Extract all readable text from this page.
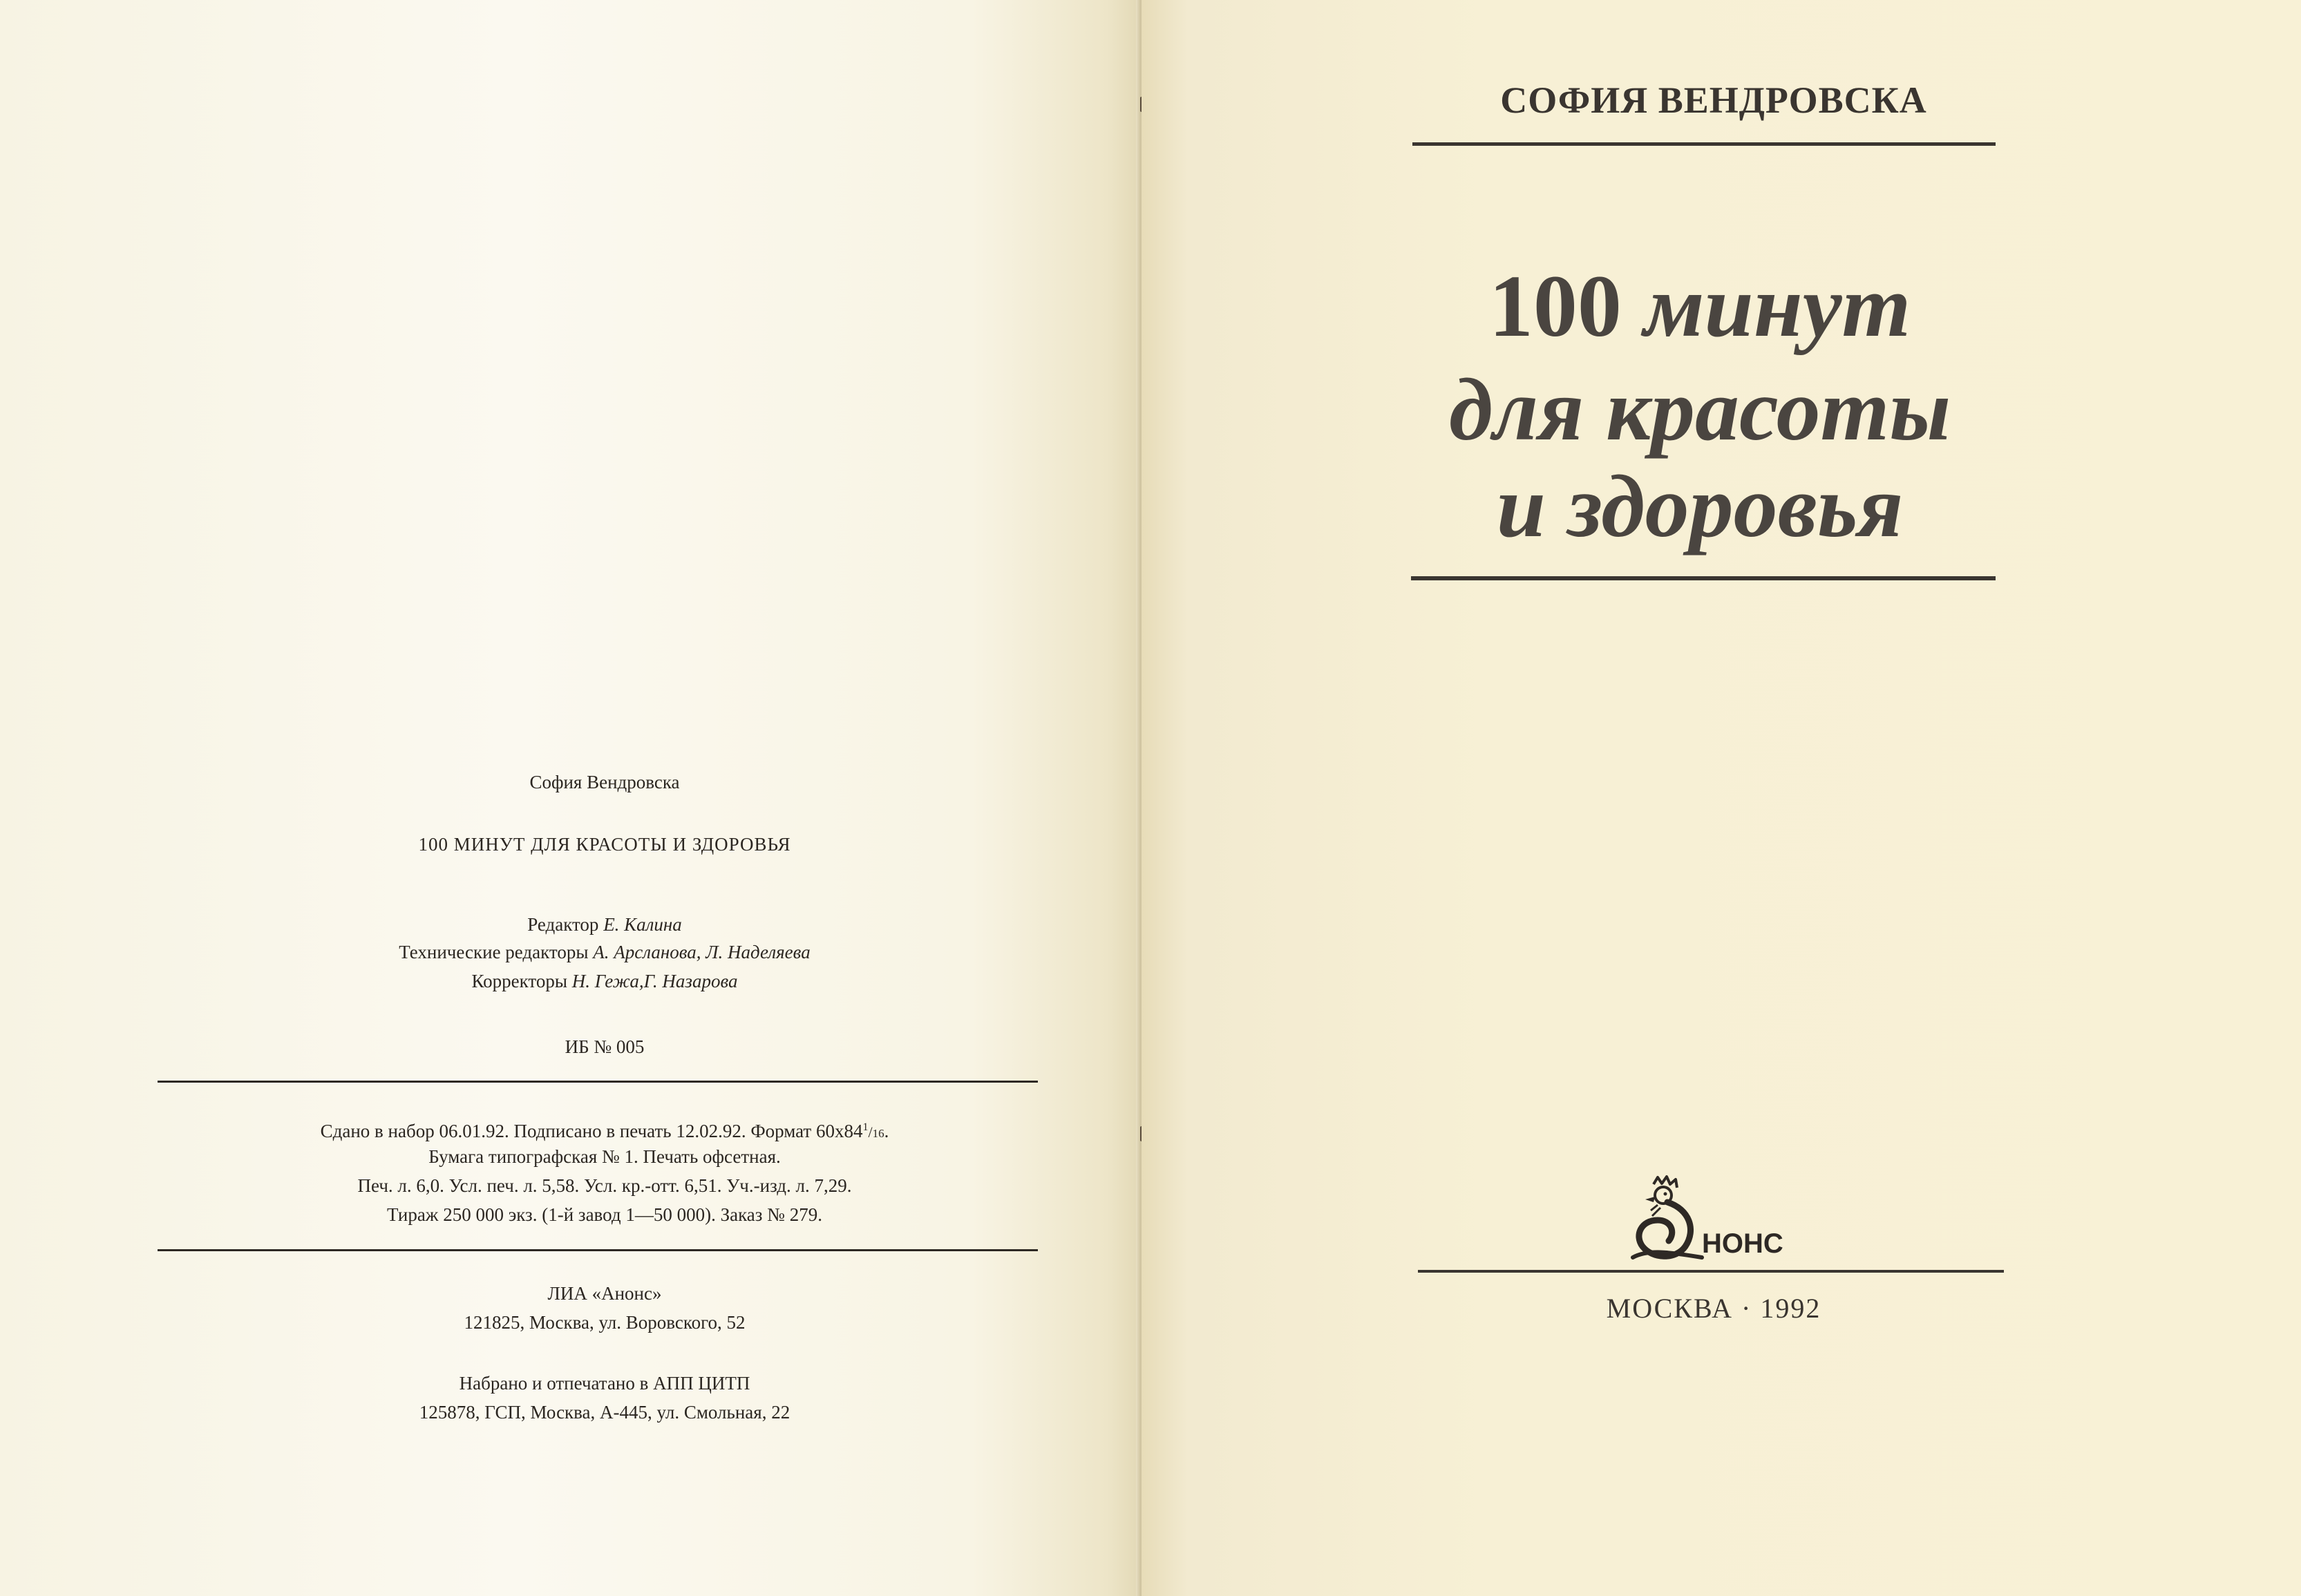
София Вендровска
100 МИНУТ ДЛЯ КРАСОТЫ И ЗДОРОВЬЯ
Редактор Е. Калина
Технические редакторы А. Арсланова, Л. Наделяева
Корректоры Н. Гежа,Г. Назарова
ИБ № 005
Сдано в набор 06.01.92. Подписано в печать 12.02.92. Формат $60х84^1/16$.
Бумага типографская № 1. Печать офсетная.
Печ. л. 6,0. Усл. печ. л. 5,58. Усл. кр.-отт. 6,51. Уч.-изд. л. 7,29.
Тираж 250 000 экз. (1-й завод 1—50 000). Заказ № 279.
ЛИА «Анонс»
121825, Москва, ул. Воровского, 52
Набрано и отпечатано в АПП ЦИТП
125878, ГСП, Москва, А-445, ул. Смольная, 22
СОФИЯ ВЕНДРОВСКА
100 минут
для красоты
и здоровья
НОНС
МОСКВА · 1992
